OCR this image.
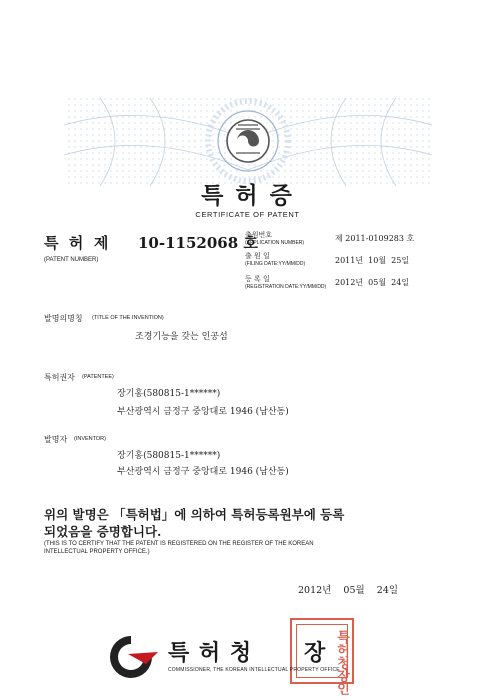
특 허 증
CERTIFICATE OF PATENT
특  허  제 10-1152068 호
(PATENT NUMBER)
출원번호
(APPLICATION NUMBER)	제 2011-0109283 호
출 원 일
(FILING DATE:YY/MM/DD)	2011년  10월  25일
등 록 일
(REGISTRATION DATE:YY/MM/DD) 2012년  05월  24일
발명의명칭 (TITLE OF THE INVENTION)
조경기능을 갖는 인공섬
특허권자 (PATENTEE)
장기홍(580815-1******)
부산광역시 금정구 중앙대로 1946 (남산동)
발명자 (INVENTOR)
장기홍(580815-1******)
부산광역시 금정구 중앙대로 1946 (남산동)
위의 발명은 「특허법」에 의하여 특허등록원부에 등록
되었음을 증명합니다.
(THIS IS TO CERTIFY THAT THE PATENT IS REGISTERED ON THE REGISTER OF THE KOREAN
INTELLECTUAL PROPERTY OFFICE.)
2012년    05월    24일
특허청장인
특 허 청 장
COMMISSIONER, THE KOREAN INTELLECTUAL PROPERTY OFFICE
